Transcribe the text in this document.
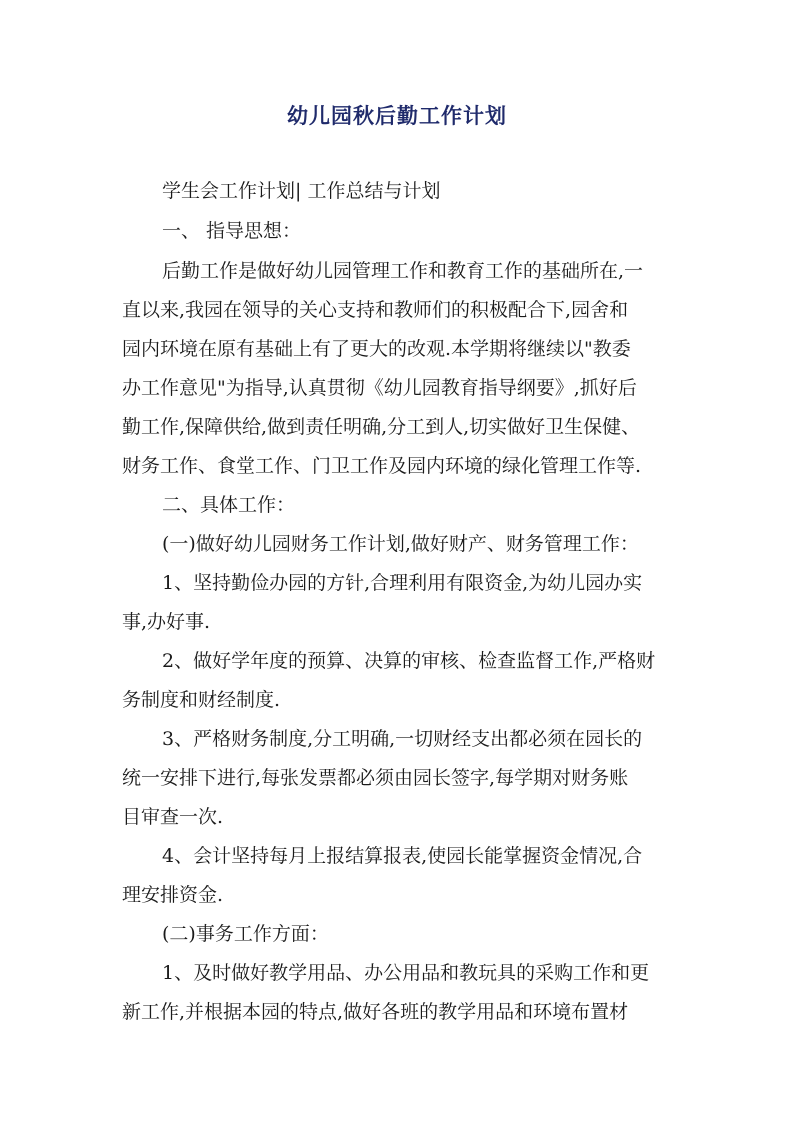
幼儿园秋后勤工作计划
学生会工作计划| 工作总结与计划
一、 指导思想：
后勤工作是做好幼儿园管理工作和教育工作的基础所在,一
直以来,我园在领导的关心支持和教师们的积极配合下,园舍和
园内环境在原有基础上有了更大的改观.本学期将继续以"教委
办工作意见"为指导,认真贯彻《幼儿园教育指导纲要》,抓好后
勤工作,保障供给,做到责任明确,分工到人,切实做好卫生保健、
财务工作、食堂工作、门卫工作及园内环境的绿化管理工作等.
二、具体工作：
(一)做好幼儿园财务工作计划,做好财产、财务管理工作：
1、坚持勤俭办园的方针,合理利用有限资金,为幼儿园办实
事,办好事.
2、做好学年度的预算、决算的审核、检查监督工作,严格财
务制度和财经制度.
3、严格财务制度,分工明确,一切财经支出都必须在园长的
统一安排下进行,每张发票都必须由园长签字,每学期对财务账
目审查一次.
4、会计坚持每月上报结算报表,使园长能掌握资金情况,合
理安排资金.
(二)事务工作方面：
1、及时做好教学用品、办公用品和教玩具的采购工作和更
新工作,并根据本园的特点,做好各班的教学用品和环境布置材
